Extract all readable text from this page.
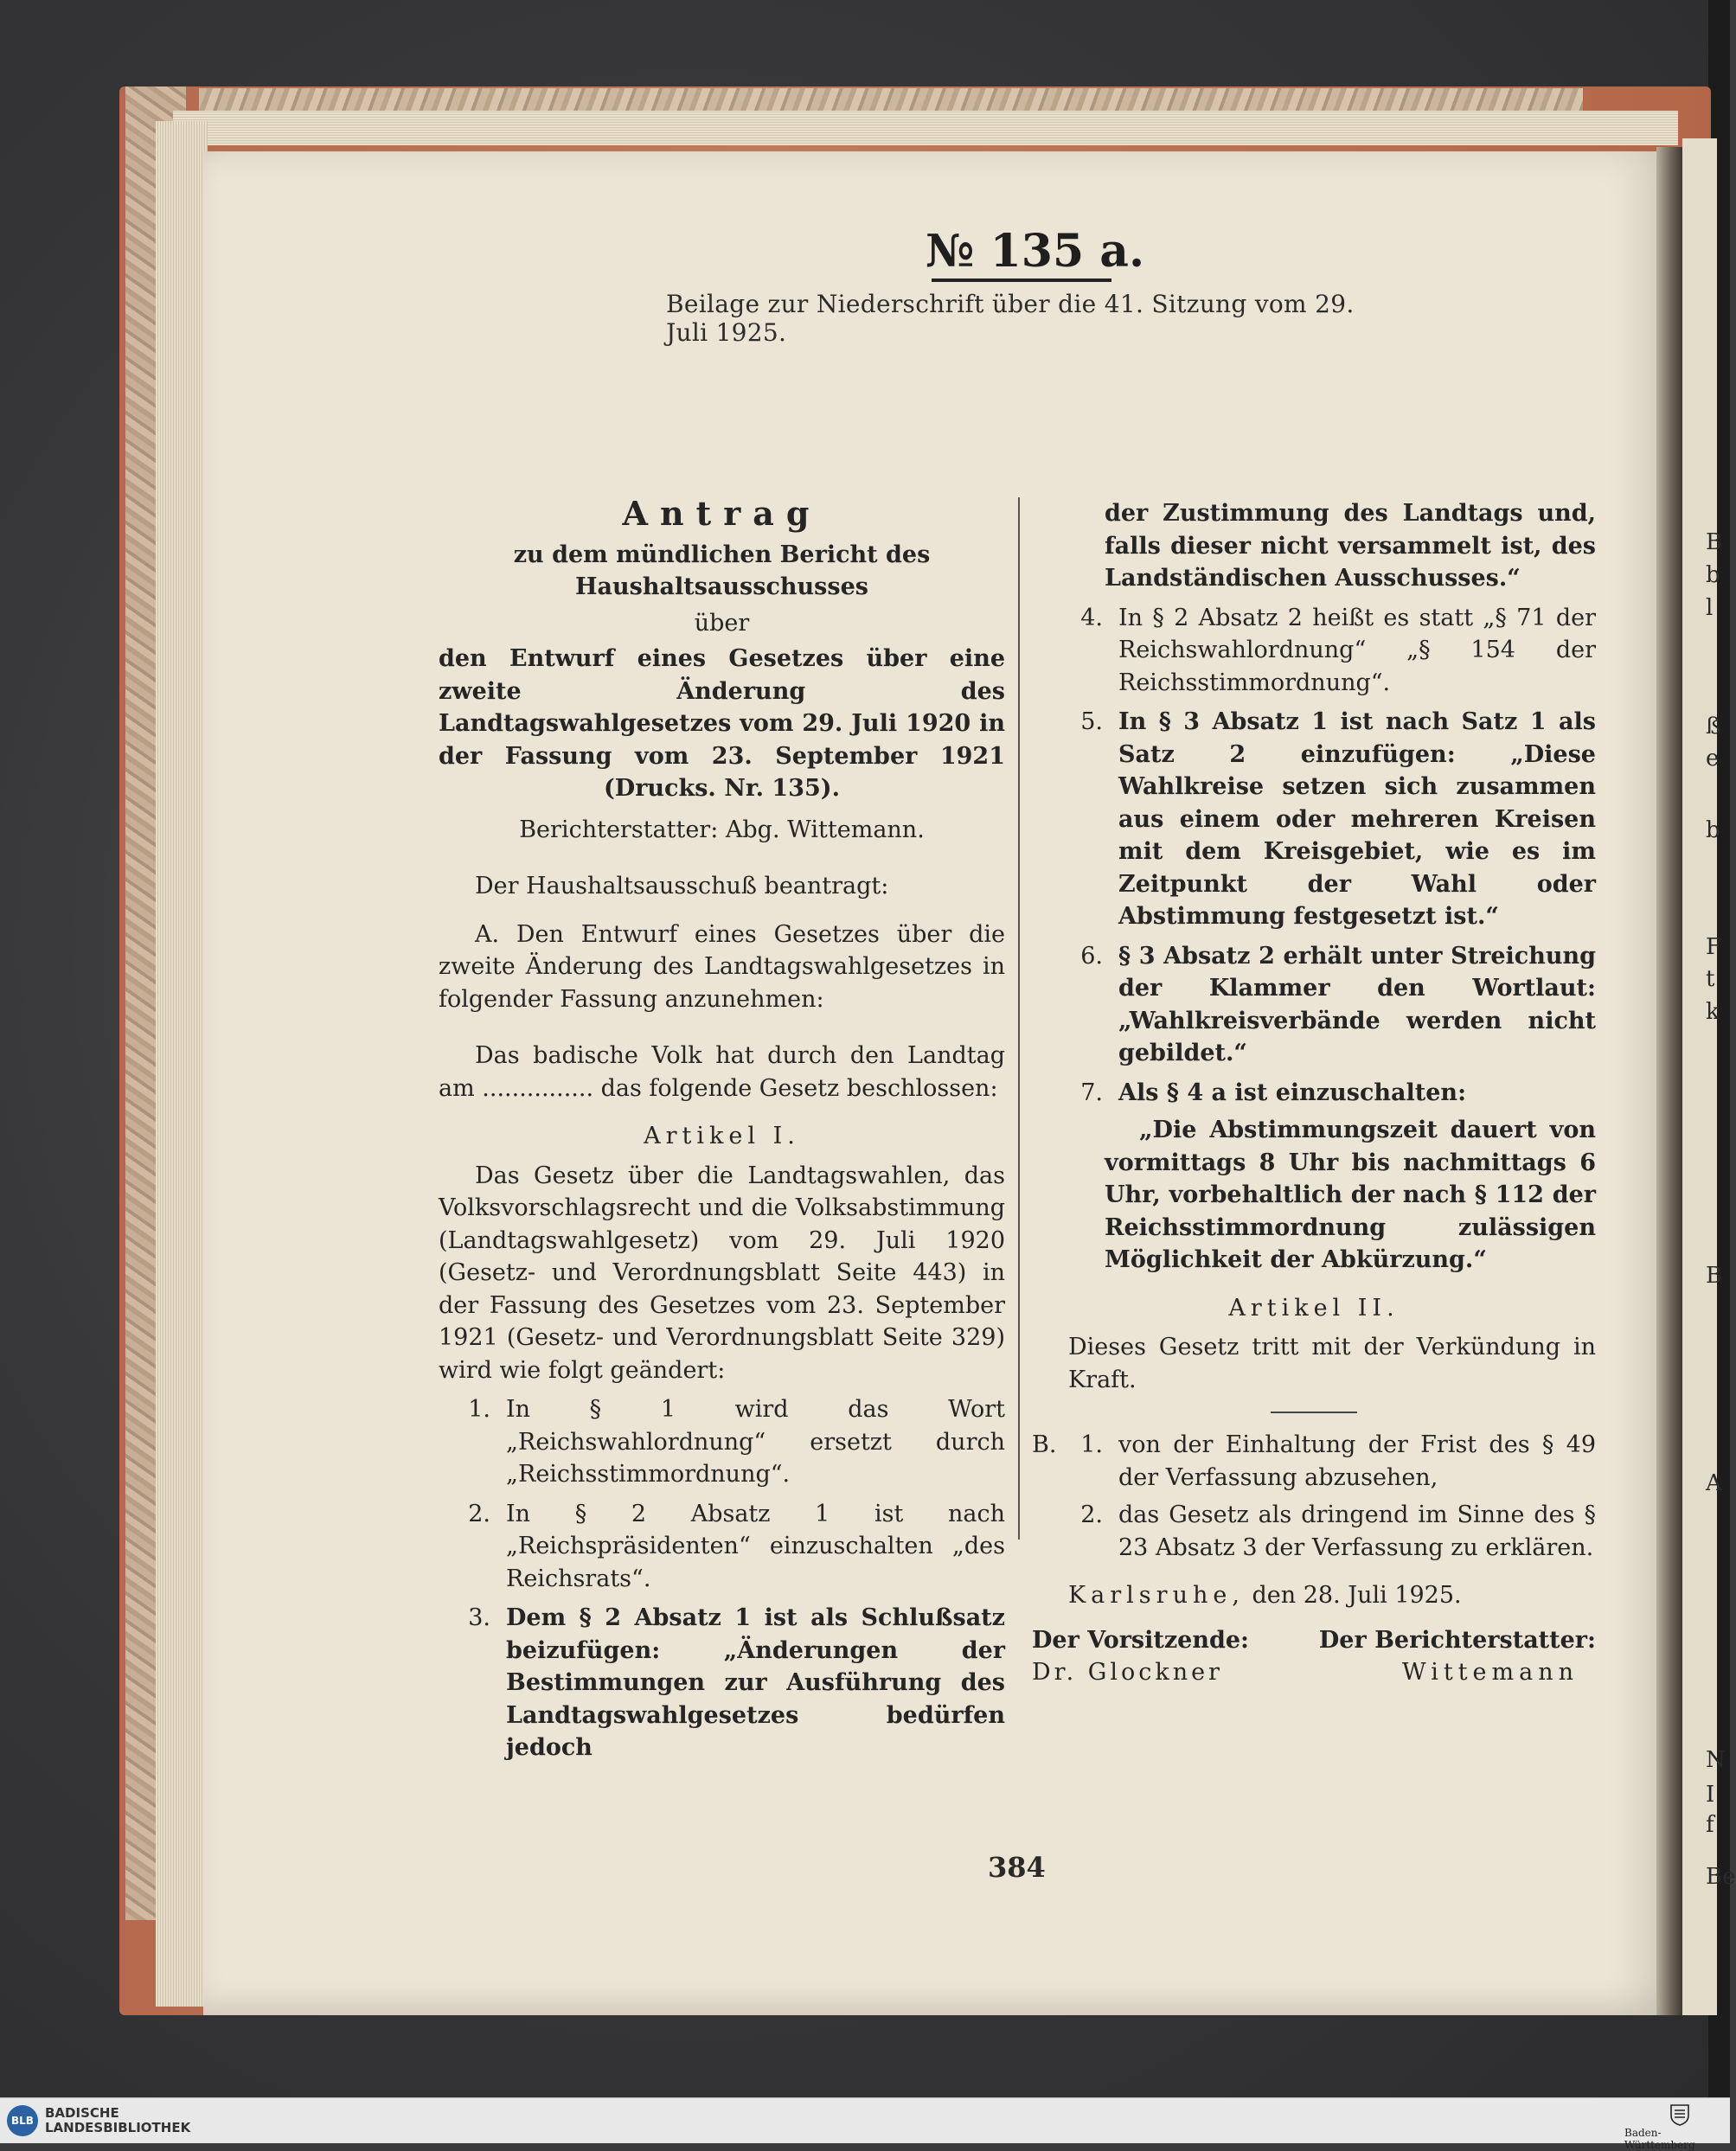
B
b
l
ß
e
b
F
t
k
B
A
N
I
f
Be
№ 135 a.
Beilage zur Niederschrift über die 41. Sitzung vom 29. Juli 1925.

Antrag

zu dem mündlichen Bericht des Haushaltsausschusses

über

den Entwurf eines Gesetzes über eine zweite Änderung des Landtagswahlgesetzes vom 29. Juli 1920 in der Fassung vom 23. September 1921 (Drucks. Nr. 135).

Berichterstatter: Abg. Wittemann.

Der Haushaltsausschuß beantragt:

A. Den Entwurf eines Gesetzes über die zweite Änderung des Landtagswahlgesetzes in folgender Fassung anzunehmen:

Das badische Volk hat durch den Landtag am ............... das folgende Gesetz beschlossen:

Artikel I.

Das Gesetz über die Landtagswahlen, das Volksvorschlagsrecht und die Volksabstimmung (Landtagswahlgesetz) vom 29. Juli 1920 (Gesetz- und Verordnungsblatt Seite 443) in der Fassung des Gesetzes vom 23. September 1921 (Gesetz- und Verordnungsblatt Seite 329) wird wie folgt geändert:

1. In § 1 wird das Wort „Reichswahlordnung“ ersetzt durch „Reichsstimmordnung“.
2. In § 2 Absatz 1 ist nach „Reichspräsidenten“ einzuschalten „des Reichsrats“.
3. Dem § 2 Absatz 1 ist als Schlußsatz beizufügen: „Änderungen der Bestimmungen zur Ausführung des Landtagswahlgesetzes bedürfen jedoch

der Zustimmung des Landtags und, falls dieser nicht versammelt ist, des Landständischen Ausschusses.“

4. In § 2 Absatz 2 heißt es statt „§ 71 der Reichswahlordnung“ „§ 154 der Reichsstimmordnung“.
5. In § 3 Absatz 1 ist nach Satz 1 als Satz 2 einzufügen: „Diese Wahlkreise setzen sich zusammen aus einem oder mehreren Kreisen mit dem Kreisgebiet, wie es im Zeitpunkt der Wahl oder Abstimmung festgesetzt ist.“
6. § 3 Absatz 2 erhält unter Streichung der Klammer den Wortlaut: „Wahlkreisverbände werden nicht gebildet.“
7. Als § 4 a ist einzuschalten:

„Die Abstimmungszeit dauert von vormittags 8 Uhr bis nachmittags 6 Uhr, vorbehaltlich der nach § 112 der Reichsstimmordnung zulässigen Möglichkeit der Abkürzung.“

Artikel II.

Dieses Gesetz tritt mit der Verkündung in Kraft.

B.	1. von der Einhaltung der Frist des § 49 der Verfassung abzusehen,
2. das Gesetz als dringend im Sinne des § 23 Absatz 3 der Verfassung zu erklären.

Karlsruhe, den 28. Juli 1925.

Der Vorsitzende:	Der Berichterstatter:
Dr. Glockner	Wittemann
384
BLB BADISCHE
LANDESBIBLIOTHEK	Baden-Württemberg
